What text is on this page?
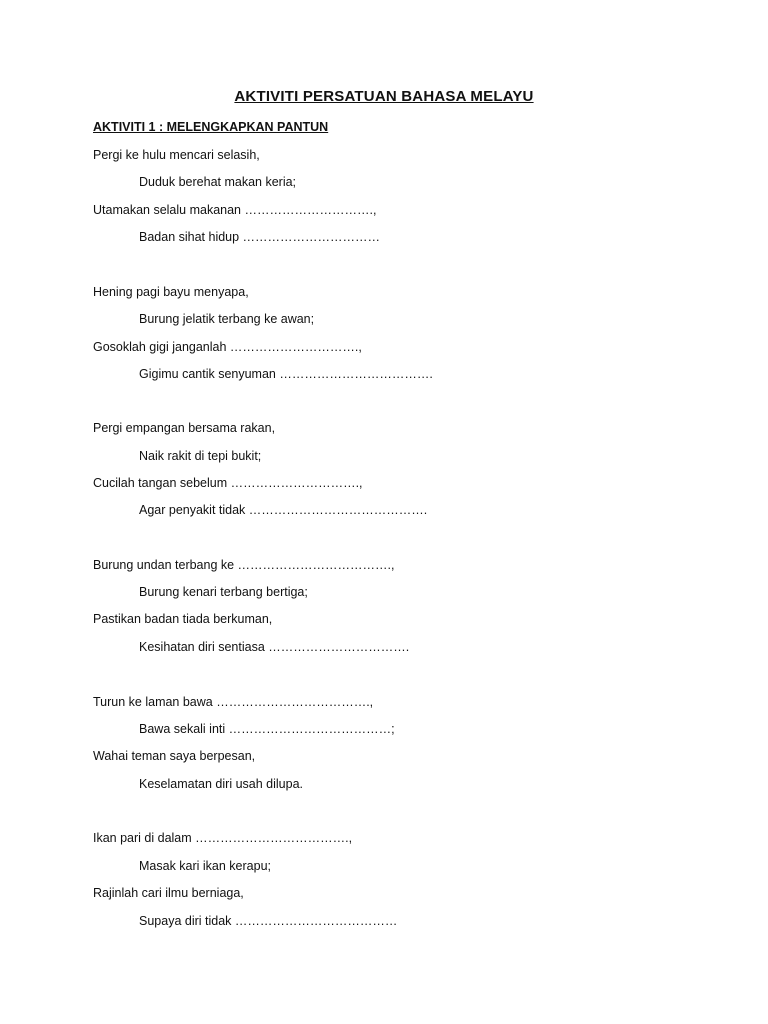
AKTIVITI PERSATUAN BAHASA MELAYU
AKTIVITI 1 : MELENGKAPKAN PANTUN
Pergi ke hulu mencari selasih,
Duduk berehat makan keria;
Utamakan selalu makanan ………………………….,
Badan sihat hidup ……………………………
Hening pagi bayu menyapa,
Burung jelatik terbang ke awan;
Gosoklah gigi janganlah ………………………….,
Gigimu cantik senyuman ……………………………….
Pergi empangan bersama rakan,
Naik rakit di tepi bukit;
Cucilah tangan sebelum ………………………….,
Agar penyakit tidak …………………………………….
Burung undan terbang ke ……………………………….,
Burung kenari terbang bertiga;
Pastikan badan tiada berkuman,
Kesihatan diri sentiasa …………………………….
Turun ke laman bawa ……………………………….,
Bawa sekali inti …………………………………;
Wahai teman saya berpesan,
Keselamatan diri usah dilupa.
Ikan pari di dalam ……………………………….,
Masak kari ikan kerapu;
Rajinlah cari ilmu berniaga,
Supaya diri tidak …………………………………
